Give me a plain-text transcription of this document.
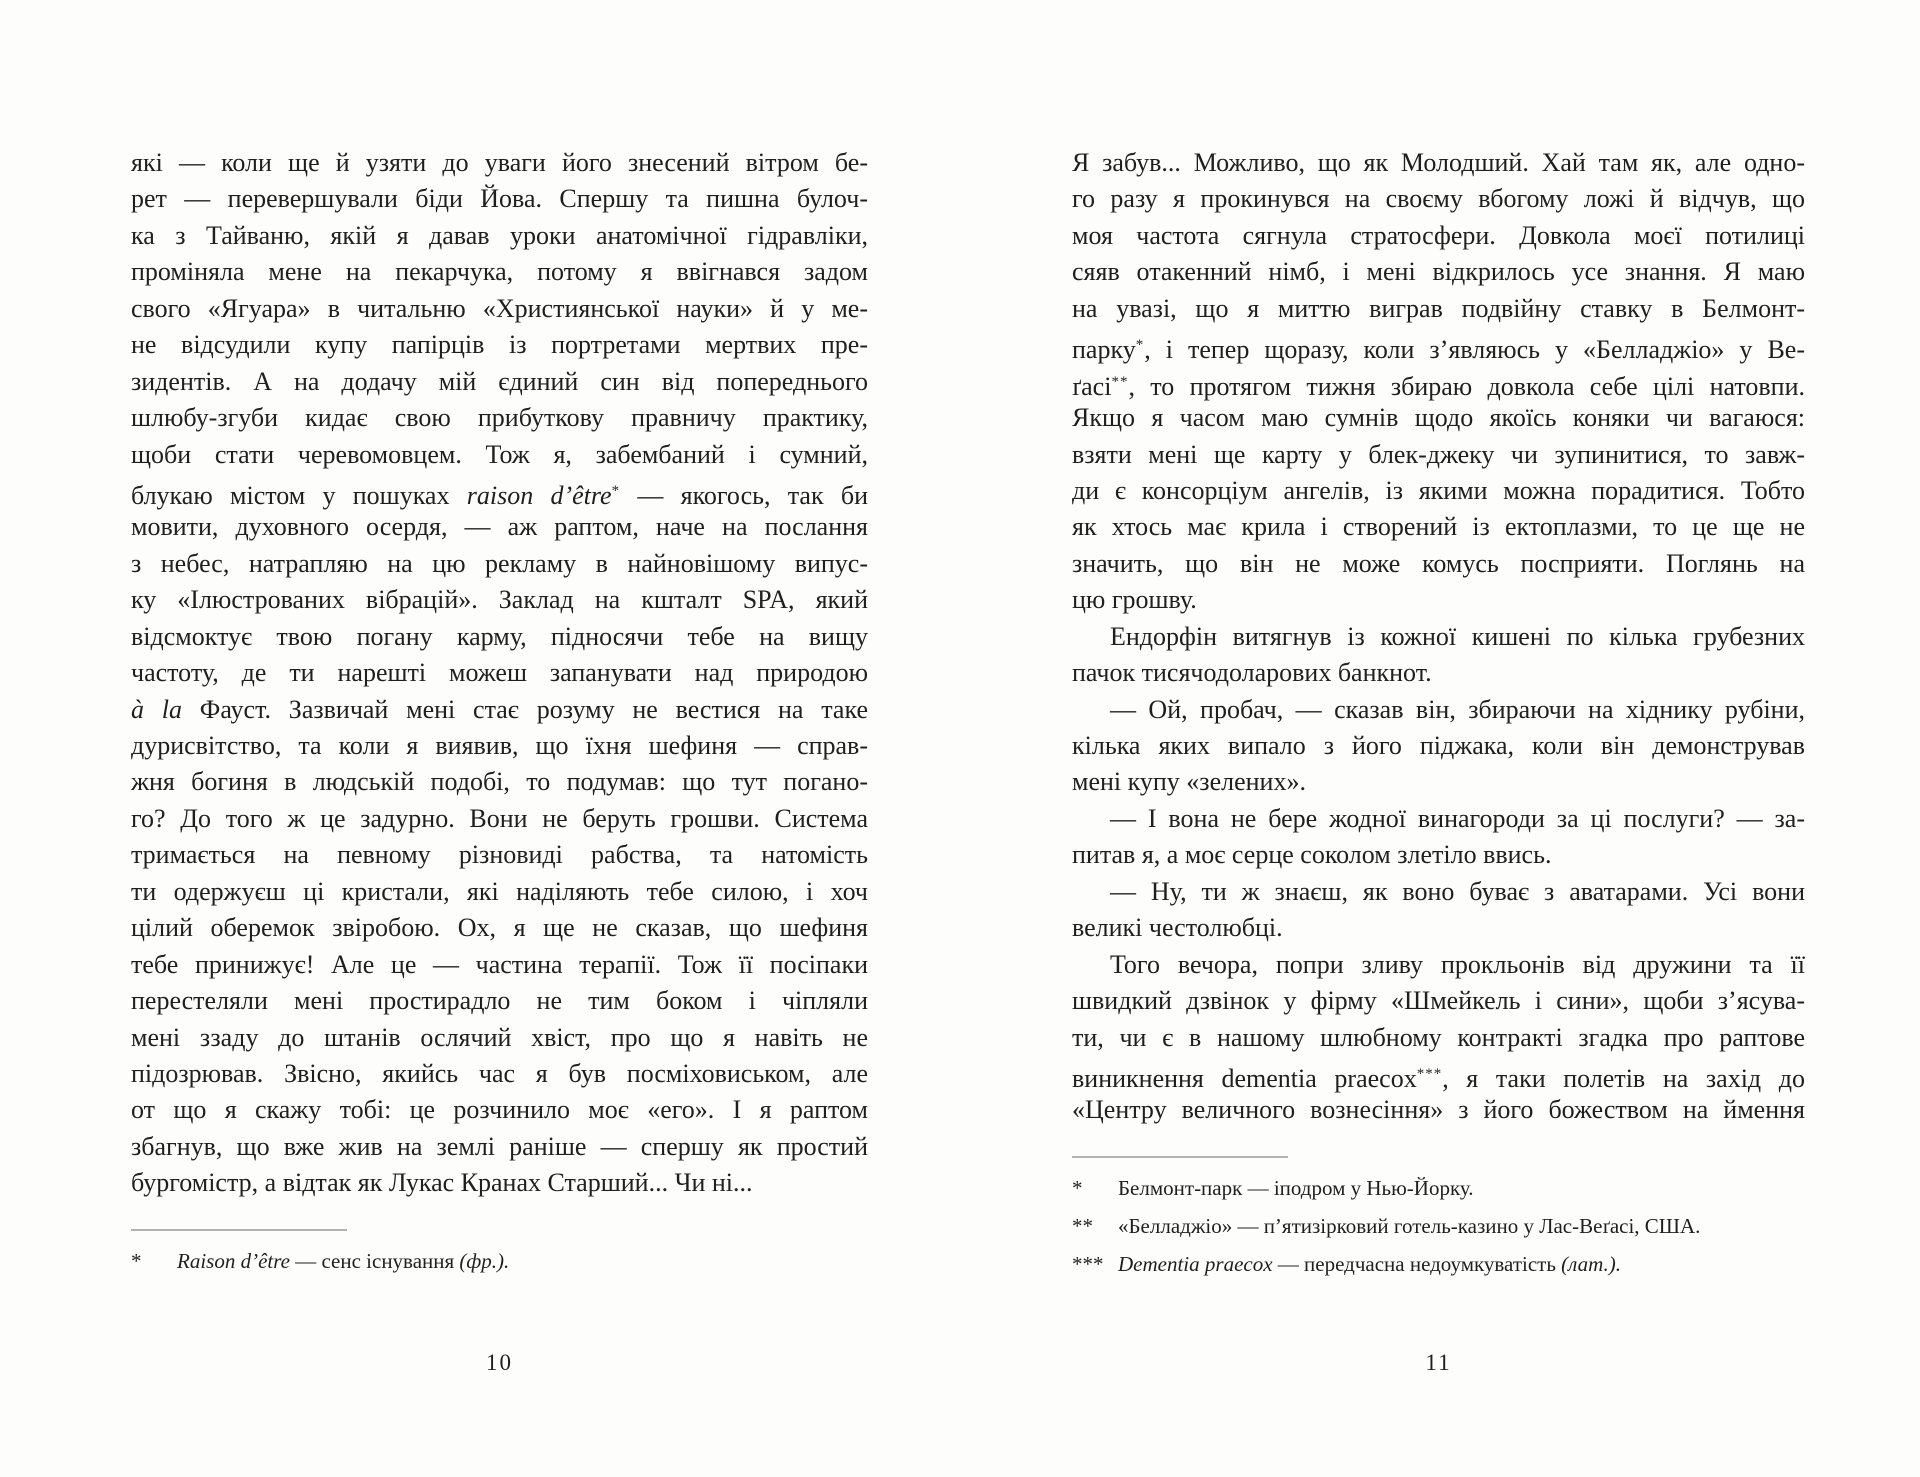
які — коли ще й узяти до уваги його знесений вітром бе-
рет — перевершували біди Йова. Спершу та пишна булоч-
ка з Тайваню, якій я давав уроки анатомічної гідравліки,
проміняла мене на пекарчука, потому я ввігнався задом
свого «Ягуара» в читальню «Християнської науки» й у ме-
не відсудили купу папірців із портретами мертвих пре-
зидентів. А на додачу мій єдиний син від попереднього
шлюбу-згуби кидає свою прибуткову правничу практику,
щоби стати черевомовцем. Тож я, забембаний і сумний,
блукаю містом у пошуках raison d’être* — якогось, так би
мовити, духовного осердя, — аж раптом, наче на послання
з небес, натрапляю на цю рекламу в найновішому випус-
ку «Ілюстрованих вібрацій». Заклад на кшталт SPA, який
відсмоктує твою погану карму, підносячи тебе на вищу
частоту, де ти нарешті можеш запанувати над природою
à la Фауст. Зазвичай мені стає розуму не вестися на таке
дурисвітство, та коли я виявив, що їхня шефиня — справ-
жня богиня в людській подобі, то подумав: що тут погано-
го? До того ж це задурно. Вони не беруть грошви. Система
тримається на певному різновиді рабства, та натомість
ти одержуєш ці кристали, які наділяють тебе силою, і хоч
цілий оберемок звіробою. Ох, я ще не сказав, що шефиня
тебе принижує! Але це — частина терапії. Тож її посіпаки
перестеляли мені простирадло не тим боком і чіпляли
мені ззаду до штанів ослячий хвіст, про що я навіть не
підозрював. Звісно, якийсь час я був посміховиськом, але
от що я скажу тобі: це розчинило моє «его». І я раптом
збагнув, що вже жив на землі раніше — спершу як простий
бургомістр, а відтак як Лукас Кранах Старший... Чи ні...
*	Raison d’être — сенс існування (фр.).
10
Я забув... Можливо, що як Молодший. Хай там як, але одно-
го разу я прокинувся на своєму вбогому ложі й відчув, що
моя частота сягнула стратосфери. Довкола моєї потилиці
сяяв отакенний німб, і мені відкрилось усе знання. Я маю
на увазі, що я миттю виграв подвійну ставку в Белмонт-
парку*, і тепер щоразу, коли з’являюсь у «Белладжіо» у Ве-
ґасі**, то протягом тижня збираю довкола себе цілі натовпи.
Якщо я часом маю сумнів щодо якоїсь коняки чи вагаюся:
взяти мені ще карту у блек-джеку чи зупинитися, то завж-
ди є консорціум ангелів, із якими можна порадитися. Тобто
як хтось має крила і створений із ектоплазми, то це ще не
значить, що він не може комусь посприяти. Поглянь на
цю грошву.
Ендорфін витягнув із кожної кишені по кілька грубезних
пачок тисячодоларових банкнот.
— Ой, пробач, — сказав він, збираючи на хіднику рубіни,
кілька яких випало з його піджака, коли він демонстрував
мені купу «зелених».
— І вона не бере жодної винагороди за ці послуги? — за-
питав я, а моє серце соколом злетіло ввись.
— Ну, ти ж знаєш, як воно буває з аватарами. Усі вони
великі честолюбці.
Того вечора, попри зливу прокльонів від дружини та її
швидкий дзвінок у фірму «Шмейкель і сини», щоби з’ясува-
ти, чи є в нашому шлюбному контракті згадка про раптове
виникнення dementia praecox***, я таки полетів на захід до
«Центру величного вознесіння» з його божеством на ймення
*	Белмонт-парк — іподром у Нью-Йорку.
**	«Белладжіо» — п’ятизірковий готель-казино у Лас-Веґасі, США.
*** Dementia praecox — передчасна недоумкуватість (лат.).
11
